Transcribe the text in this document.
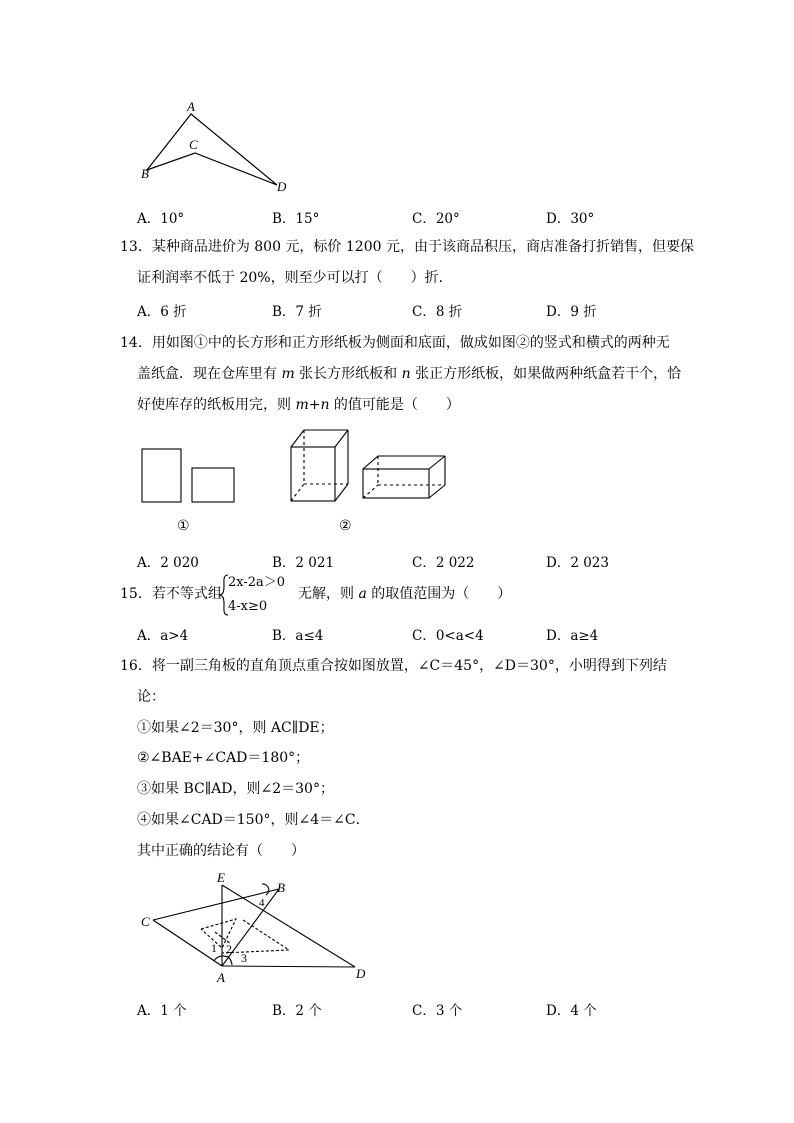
A
B
C
D
A．10°	B．15°	C．20°	D．30°
13．某种商品进价为 800 元，标价 1200 元，由于该商品积压，商店准备打折销售，但要保
证利润率不低于 20%，则至少可以打（　　）折．
A．6 折	B．7 折	C．8 折	D．9 折
14．用如图①中的长方形和正方形纸板为侧面和底面，做成如图②的竖式和横式的两种无
盖纸盒．现在仓库里有 m 张长方形纸板和 n 张正方形纸板，如果做两种纸盒若干个，恰
好使库存的纸板用完，则 m+n 的值可能是（　　）
①	②
A．2 020	B．2 021	C．2 022	D．2 023
15．若不等式组
2x-2a＞0
4-x≥0
无解，则 a 的取值范围为（　　）
A．a>4	B．a≤4	C．0<a<4	D．a≥4
16．将一副三角板的直角顶点重合按如图放置，∠C＝45°，∠D＝30°，小明得到下列结
论：
①如果∠2＝30°，则 AC∥DE；
②∠BAE+∠CAD＝180°；
③如果 BC∥AD，则∠2＝30°；
④如果∠CAD＝150°，则∠4＝∠C．
其中正确的结论有（　　）
E
B
C
D
A
1 2
3
4
A．1 个	B．2 个	C．3 个	D．4 个
